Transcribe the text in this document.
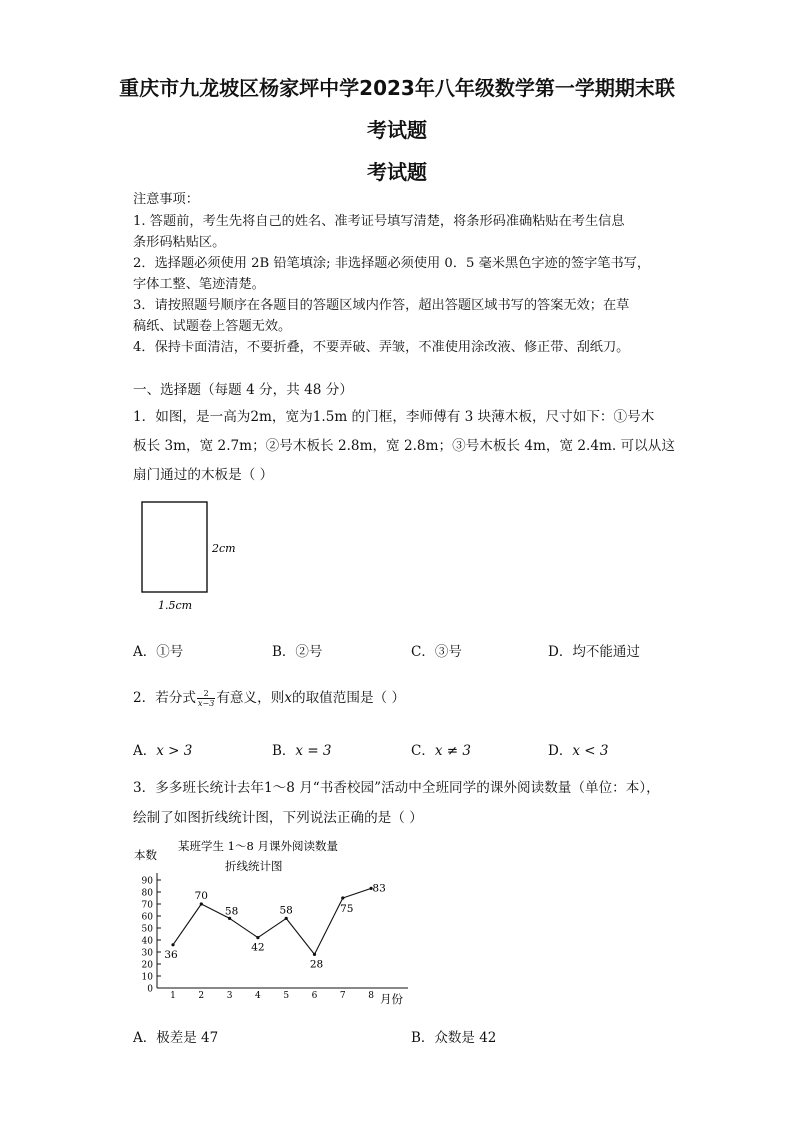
重庆市九龙坡区杨家坪中学2023年八年级数学第一学期期末联
考试题
考试题
注意事项：
1. 答题前，考生先将自己的姓名、准考证号填写清楚，将条形码准确粘贴在考生信息
条形码粘贴区。
2．选择题必须使用 2B 铅笔填涂; 非选择题必须使用 0．5 毫米黑色字迹的签字笔书写，
字体工整、笔迹清楚。
3．请按照题号顺序在各题目的答题区域内作答，超出答题区域书写的答案无效；在草
稿纸、试题卷上答题无效。
4．保持卡面清洁，不要折叠，不要弄破、弄皱，不准使用涂改液、修正带、刮纸刀。
一、选择题（每题 4 分，共 48 分）
1．如图，是一高为2m，宽为1.5m 的门框，李师傅有 3 块薄木板，尺寸如下：①号木
板长 3m，宽 2.7m；②号木板长 2.8m，宽 2.8m；③号木板长 4m，宽 2.4m. 可以从这
扇门通过的木板是（ ）
2cm
1.5cm
A．①号	B．②号	C．③号	D．均不能通过
2．若分式 $\frac{2}{x-3}$ 有意义，则x的取值范围是（ ）
A．x > 3	B．x = 3	C．x ≠ 3	D．x < 3
3．多多班长统计去年1～8 月“书香校园”活动中全班同学的课外阅读数量（单位：本），
绘制了如图折线统计图，下列说法正确的是（ ）
某班学生 1～8 月课外阅读数量
折线统计图
本数
月份
0
10
20
30
40
50
60
70
80
90
1	2	3	4	5	6	7	8
36
70
58
42
58
28
75
83
A．极差是 47	B．众数是 42
